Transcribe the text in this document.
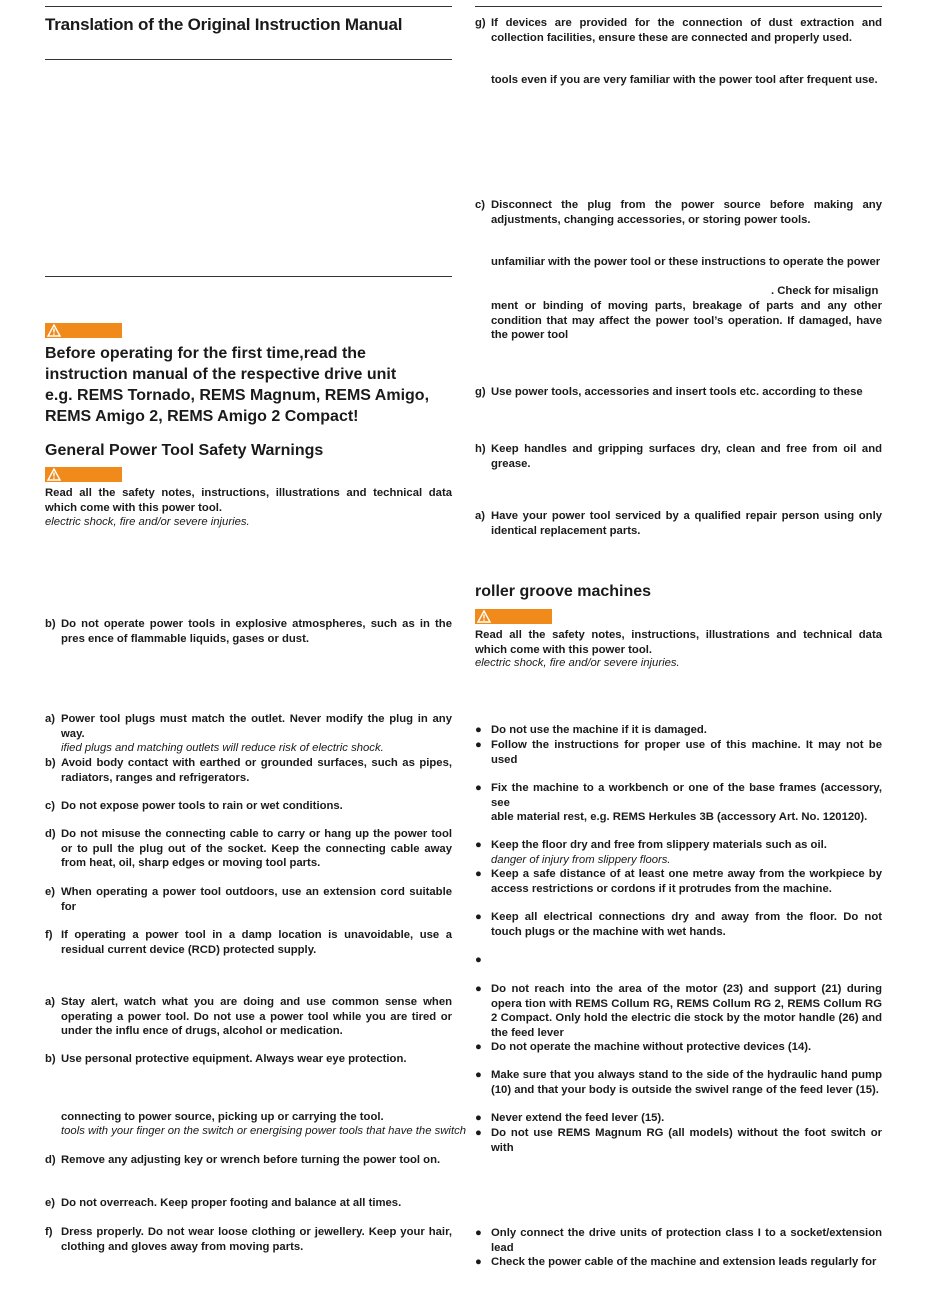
Translation of the Original Instruction Manual
Before operating for the first time,read the
instruction manual of the respective drive unit
e.g. REMS Tornado, REMS Magnum, REMS Amigo,
REMS Amigo 2, REMS Amigo 2 Compact!
General Power Tool Safety Warnings
Read all the safety notes, instructions, illustrations and technical data which come with this power tool.
electric shock, fire and/or severe injuries.
b) Do not operate power tools in explosive atmospheres, such as in the pres ence of flammable liquids, gases or dust.
a) Power tool plugs must match the outlet. Never modify the plug in any way.
ified plugs and matching outlets will reduce risk of electric shock.
b) Avoid body contact with earthed or grounded surfaces, such as pipes, radiators, ranges and refrigerators.
c) Do not expose power tools to rain or wet conditions.
d) Do not misuse the connecting cable to carry or hang up the power tool or to pull the plug out of the socket. Keep the connecting cable away from heat, oil, sharp edges or moving tool parts.
e) When operating a power tool outdoors, use an extension cord suitable for
f) If operating a power tool in a damp location is unavoidable, use a residual current device (RCD) protected supply.
a) Stay alert, watch what you are doing and use common sense when operating a power tool. Do not use a power tool while you are tired or under the influ ence of drugs, alcohol or medication.
b) Use personal protective equipment. Always wear eye protection.
connecting to power source, picking up or carrying the tool.
tools with your finger on the switch or energising power tools that have the switch
d) Remove any adjusting key or wrench before turning the power tool on.
e) Do not overreach. Keep proper footing and balance at all times.
f) Dress properly. Do not wear loose clothing or jewellery. Keep your hair, clothing and gloves away from moving parts.
g) If devices are provided for the connection of dust extraction and collection facilities, ensure these are connected and properly used.
tools even if you are very familiar with the power tool after frequent use.
c) Disconnect the plug from the power source before making any adjustments, changing accessories, or storing power tools.
unfamiliar with the power tool or these instructions to operate the power
. Check for misalign
ment or binding of moving parts, breakage of parts and any other condition that may affect the power tool’s operation. If damaged, have the power tool
g) Use power tools, accessories and insert tools etc. according to these
h) Keep handles and gripping surfaces dry, clean and free from oil and grease.
a) Have your power tool serviced by a qualified repair person using only identical replacement parts.
roller groove machines
Read all the safety notes, instructions, illustrations and technical data which come with this power tool.
electric shock, fire and/or severe injuries.
● Do not use the machine if it is damaged.
● Follow the instructions for proper use of this machine. It may not be used
● Fix the machine to a workbench or one of the base frames (accessory, see
able material rest, e.g. REMS Herkules 3B (accessory Art. No. 120120).
● Keep the floor dry and free from slippery materials such as oil.
danger of injury from slippery floors.
● Keep a safe distance of at least one metre away from the workpiece by access restrictions or cordons if it protrudes from the machine.
● Keep all electrical connections dry and away from the floor. Do not touch plugs or the machine with wet hands.
●
● Do not reach into the area of the motor (23) and support (21) during opera tion with REMS Collum RG, REMS Collum RG 2, REMS Collum RG 2 Compact. Only hold the electric die stock by the motor handle (26) and the feed lever
● Do not operate the machine without protective devices (14).
● Make sure that you always stand to the side of the hydraulic hand pump (10) and that your body is outside the swivel range of the feed lever (15).
● Never extend the feed lever (15).
● Do not use REMS Magnum RG (all models) without the foot switch or with
● Only connect the drive units of protection class I to a socket/extension lead
● Check the power cable of the machine and extension leads regularly for
